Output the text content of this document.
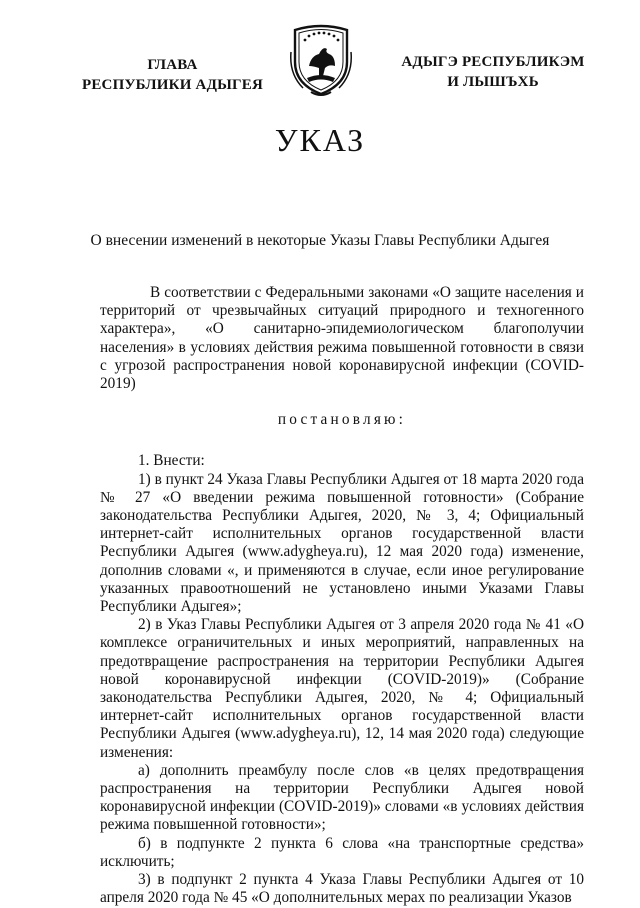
ГЛАВА
РЕСПУБЛИКИ АДЫГЕЯ
АДЫГЭ РЕСПУБЛИКЭМ
И ЛЫШЪХЬ
УКАЗ
О внесении изменений в некоторые Указы Главы Республики Адыгея

В соответствии с Федеральными законами «О защите населения и территорий от чрезвычайных ситуаций природного и техногенного характера», «О санитарно-эпидемиологическом благополучии населения» в условиях действия режима повышенной готовности в связи с угрозой распространения новой коронавирусной инфекции (COVID-2019)

постановляю:

1. Внести:

1) в пункт 24 Указа Главы Республики Адыгея от 18 марта 2020 года № 27 «О введении режима повышенной готовности» (Собрание законодательства Республики Адыгея, 2020, № 3, 4; Официальный интернет-сайт исполнительных органов государственной власти Республики Адыгея (www.adygheya.ru), 12 мая 2020 года) изменение, дополнив словами «, и применяются в случае, если иное регулирование указанных правоотношений не установлено иными Указами Главы Республики Адыгея»;

2) в Указ Главы Республики Адыгея от 3 апреля 2020 года № 41 «О комплексе ограничительных и иных мероприятий, направленных на предотвращение распространения на территории Республики Адыгея новой коронавирусной инфекции (COVID-2019)» (Собрание законодательства Республики Адыгея, 2020, № 4; Официальный интернет-сайт исполнительных органов государственной власти Республики Адыгея (www.adygheya.ru), 12, 14 мая 2020 года) следующие изменения:

а) дополнить преамбулу после слов «в целях предотвращения распространения на территории Республики Адыгея новой коронавирусной инфекции (COVID-2019)» словами «в условиях действия режима повышенной готовности»;

б) в подпункте 2 пункта 6 слова «на транспортные средства» исключить;

3) в подпункт 2 пункта 4 Указа Главы Республики Адыгея от 10 апреля 2020 года № 45 «О дополнительных мерах по реализации Указов
